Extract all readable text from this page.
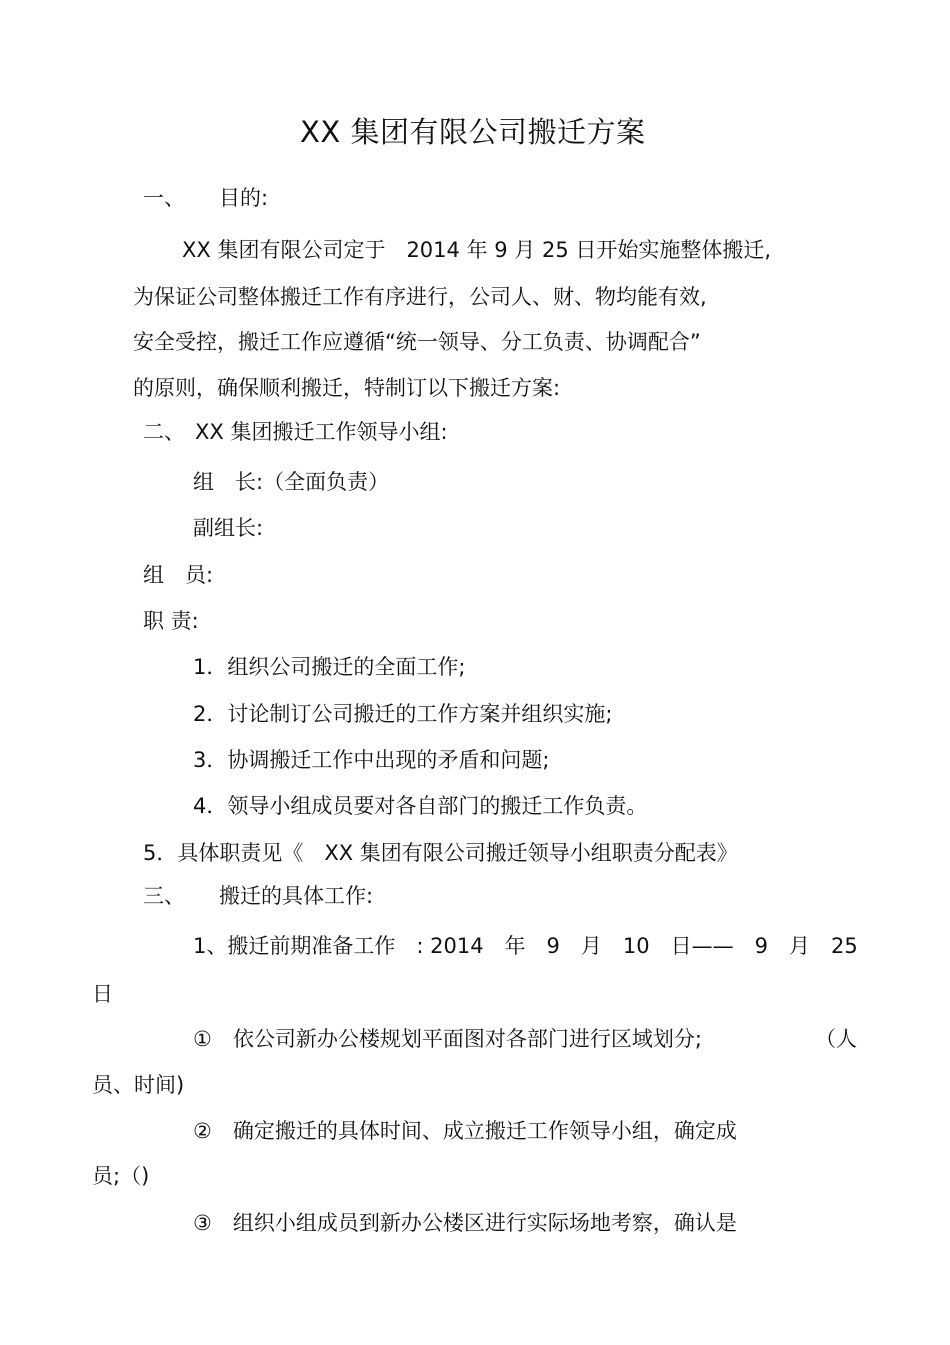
XX 集团有限公司搬迁方案
一、 目的:
XX 集团有限公司定于　2014 年 9 月 25 日开始实施整体搬迁,
为保证公司整体搬迁工作有序进行，公司人、财、物均能有效,
安全受控，搬迁工作应遵循“统一领导、分工负责、协调配合”
的原则，确保顺利搬迁，特制订以下搬迁方案:
二、 XX 集团搬迁工作领导小组:
组　长:（全面负责）
副组长:
组　员:
职 责:
1．组织公司搬迁的全面工作;
2．讨论制订公司搬迁的工作方案并组织实施;
3．协调搬迁工作中出现的矛盾和问题;
4．领导小组成员要对各自部门的搬迁工作负责。
5．具体职责见《　XX 集团有限公司搬迁领导小组职责分配表》
三、 搬迁的具体工作:
1、搬迁前期准备工作　: 2014　年　9　月　10　日——　9　月　25
日
①　依公司新办公楼规划平面图对各部门进行区域划分;	（人
员、时间)
②　确定搬迁的具体时间、成立搬迁工作领导小组，确定成
员;（)
③　组织小组成员到新办公楼区进行实际场地考察，确认是
